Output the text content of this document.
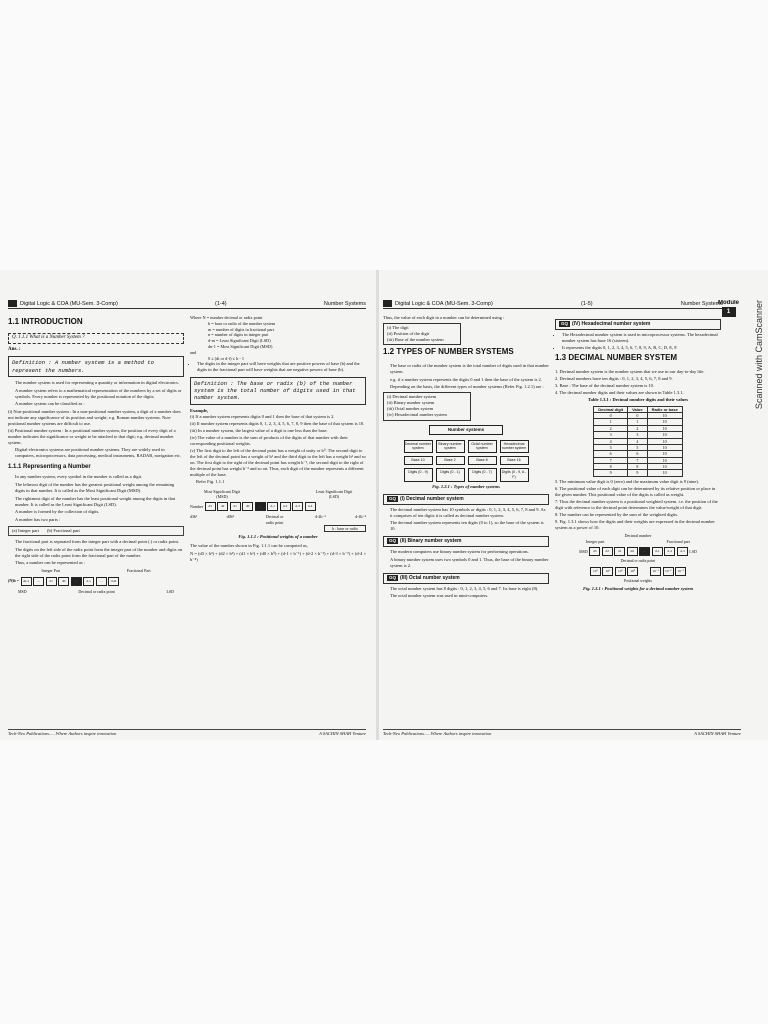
Digital Logic & COA (MU-Sem. 3-Comp)	(1-4)	Number Systems
1.1 INTRODUCTION
Q. 1.1.1 What is a Number System ?
Ans. :
Definition : A number system is a method to represent the numbers.
• The number system is used for representing a quantity or information in digital electronics.
• A number system refers to a mathematical representation of the numbers by a set of digits or symbols. Every number is represented by the positional notation of the digits.
• A number system can be classified as :
(i) Non-positional number system : In a non-positional number system, a digit of a number does not indicate any significance of its position and weight; e.g. Roman number systems. Non-positional number systems are difficult to use.
(ii) Positional number system : In a positional number system, the position of every digit of a number indicates the significance or weight to be attached to that digit; e.g. decimal number system.
• Digital electronics systems are positional number systems. They are widely used in computers, microprocessors, data processing, medical instruments, RADAR, navigation etc.
1.1.1 Representing a Number
• In any number system, every symbol in the number is called as a digit.
• The leftmost digit of the number has the greatest positional weight among the remaining digits in that number. It is called as the Most Significant Digit (MSD).
• The rightmost digit of the number has the least positional weight among the digits in that number. It is called as the Least Significant Digit (LSD).
• A number is formed by the collection of digits.
• A number has two parts :
(a) Integer part (b) Fractional part
• The fractional part is separated from the integer part with a decimal point (.) or radix point.
• The digits on the left side of the radix point form the integer part of the number and digits on the right side of the radix point form the fractional part of the number.
• Thus, a number can be represented as :
Integer Part	Fractional Part
(N)b =	dn-1	…	d1	d0	.	d-1	…	d-m
MSD	Decimal or radix point	LSD
Where N = number decimal or radix point
b = base or radix of the number system
m = number of digits in fractional part
n = number of digits in integer part
d-m = Least Significant Digit (LSD)
dn-1 = Most Significant Digit (MSD)
and
0 ≤ (di or d-f) ≤ b - 1
• The digits in the integer part will have weights that are positive powers of base (b) and the digits in the fractional part will have weights that are negative powers of base (b).
Definition : The base or radix (b) of the number system is the total number of digits used in that number system.
Example,
(i) If a number system represents digits 0 and 1 then the base of that system is 2.
(ii) If number system represents digits 0, 1, 2, 3, 4, 5, 6, 7, 8, 9 then the base of that system is 10.
(iii) In a number system, the largest value of a digit is one less than the base.
(iv) The value of a number is the sum of products of the digits of that number with their corresponding positional weights.
(v) The first digit to the left of the decimal point has a weight of unity or b⁰. The second digit to the left of the decimal point has a weight of b¹ and the third digit to the left has a weight b² and so on. The first digit to the right of the decimal point has weight b⁻¹, the second digit to the right of the decimal point has weight b⁻² and so on. Thus, each digit of the number represents a different multiple of the base.
Refer Fig. 1.1.1
Most Significant Digit (MSD)
Least Significant Digit (LSD)
Number	d3	d2	d1	d0	.	d-1	d-2	d-3	d-4
d3b³	d0b⁰	Decimal or radix point
d-2b⁻²	d-4b⁻⁴
b : base or radix
Fig. 1.1.1 : Positional weights of a number
The value of the number shown in Fig. 1.1.1 can be computed as,
N = (d3 × b³) + (d2 × b²) + (d1 × b¹) + (d0 × b⁰) + (d-1 × b⁻¹) + (d-2 × b⁻²) + (d-3 × b⁻³) + (d-4 × b⁻⁴)
Tech-Neo Publications......Where Authors inspire innovation	A SACHIN SHAH Venture
Digital Logic & COA (MU-Sem. 3-Comp)	(1-5)	Number Systems
Module
1
Thus, the value of each digit in a number can be determined using :
(i) The digit
(ii) Position of the digit
(iii) Base of the number system
1.2 TYPES OF NUMBER SYSTEMS
• The base or radix of the number system is the total number of digits used in that number system.
e.g. if a number system represents the digits 0 and 1 then the base of the system is 2.
• Depending on the basis, the different types of number systems (Refer Fig. 1.2.1) are :
(i) Decimal number system
(ii) Binary number system
(iii) Octal number system
(iv) Hexadecimal number system
Number systems
Decimal number system
Binary number system
Octal number system
Hexadecimal number system
Base 10	Base 2	Base 8	Base 16
Digits (0 - 9)	Digits (0 - 1)	Digits (0 - 7)	Digits (0 - 9, A - F)
Fig. 1.2.1 : Types of number systems
GQ (I) Decimal number system
• The decimal number system has 10 symbols or digits : 0, 1, 2, 3, 4, 5, 6, 7, 8 and 9. As it comprises of ten digits it is called as decimal number system.
• The decimal number system represents ten digits (0 to 1), so the base of the system is 10.
GQ (II) Binary number system
• The modern computers use binary number system for performing operations.
• A binary number system uses two symbols 0 and 1. Thus, the base of the binary number system is 2.
GQ (III) Octal number system
• The octal number system has 8 digits : 0, 1, 2, 3, 4, 5, 6 and 7. Its base is eight (8).
• The octal number system was used in mini-computers.
GQ (IV) Hexadecimal number system
• The Hexadecimal number system is used in microprocessor systems. The hexadecimal number system has base 16 (sixteen).
• It represents the digits 0, 1, 2, 3, 4, 5, 6, 7, 8, 9, A, B, C, D, E, F.
1.3 DECIMAL NUMBER SYSTEM
1. Decimal number system is the number system that we use in our day-to-day life.
2. Decimal numbers have ten digits : 0, 1, 2, 3, 4, 5, 6, 7, 8 and 9.
3. Base : The base of the decimal number system is 10.
4. The decimal number digits and their values are shown in Table 1.3.1.
Table 1.3.1 : Decimal number digits and their values
Decimal digit	Value	Radix or base
0	0	10
1	1	10
2	2	10
3	3	10
4	4	10
5	5	10
6	6	10
7	7	10
8	8	10
9	9	10
5. The minimum value digit is 0 (zero) and the maximum value digit is 9 (nine).
6. The positional value of each digit can be determined by its relative position or place in the given number. This positional value of the digits is called as weight.
7. Thus the decimal number system is a positional weighted system. i.e. the position of the digit with reference to the decimal point determines the value/weight of that digit.
8. The number can be represented by the sum of the weighted digits.
9. Fig. 1.3.1 shows how the digits and their weights are expressed in the decimal number system as a power of 10.
Decimal number
Integer part	Fractional part
MSD	d3	d2	d1	d0	.	d-1	d-2	d-3	LSD
Decimal or radix point
10³	10²	10¹	10⁰	10⁻¹	10⁻²	10⁻³
Positional weights
Fig. 1.3.1 : Positional weights for a decimal number system
Tech-Neo Publications......Where Authors inspire innovation	A SACHIN SHAH Venture
Scanned with CamScanner
